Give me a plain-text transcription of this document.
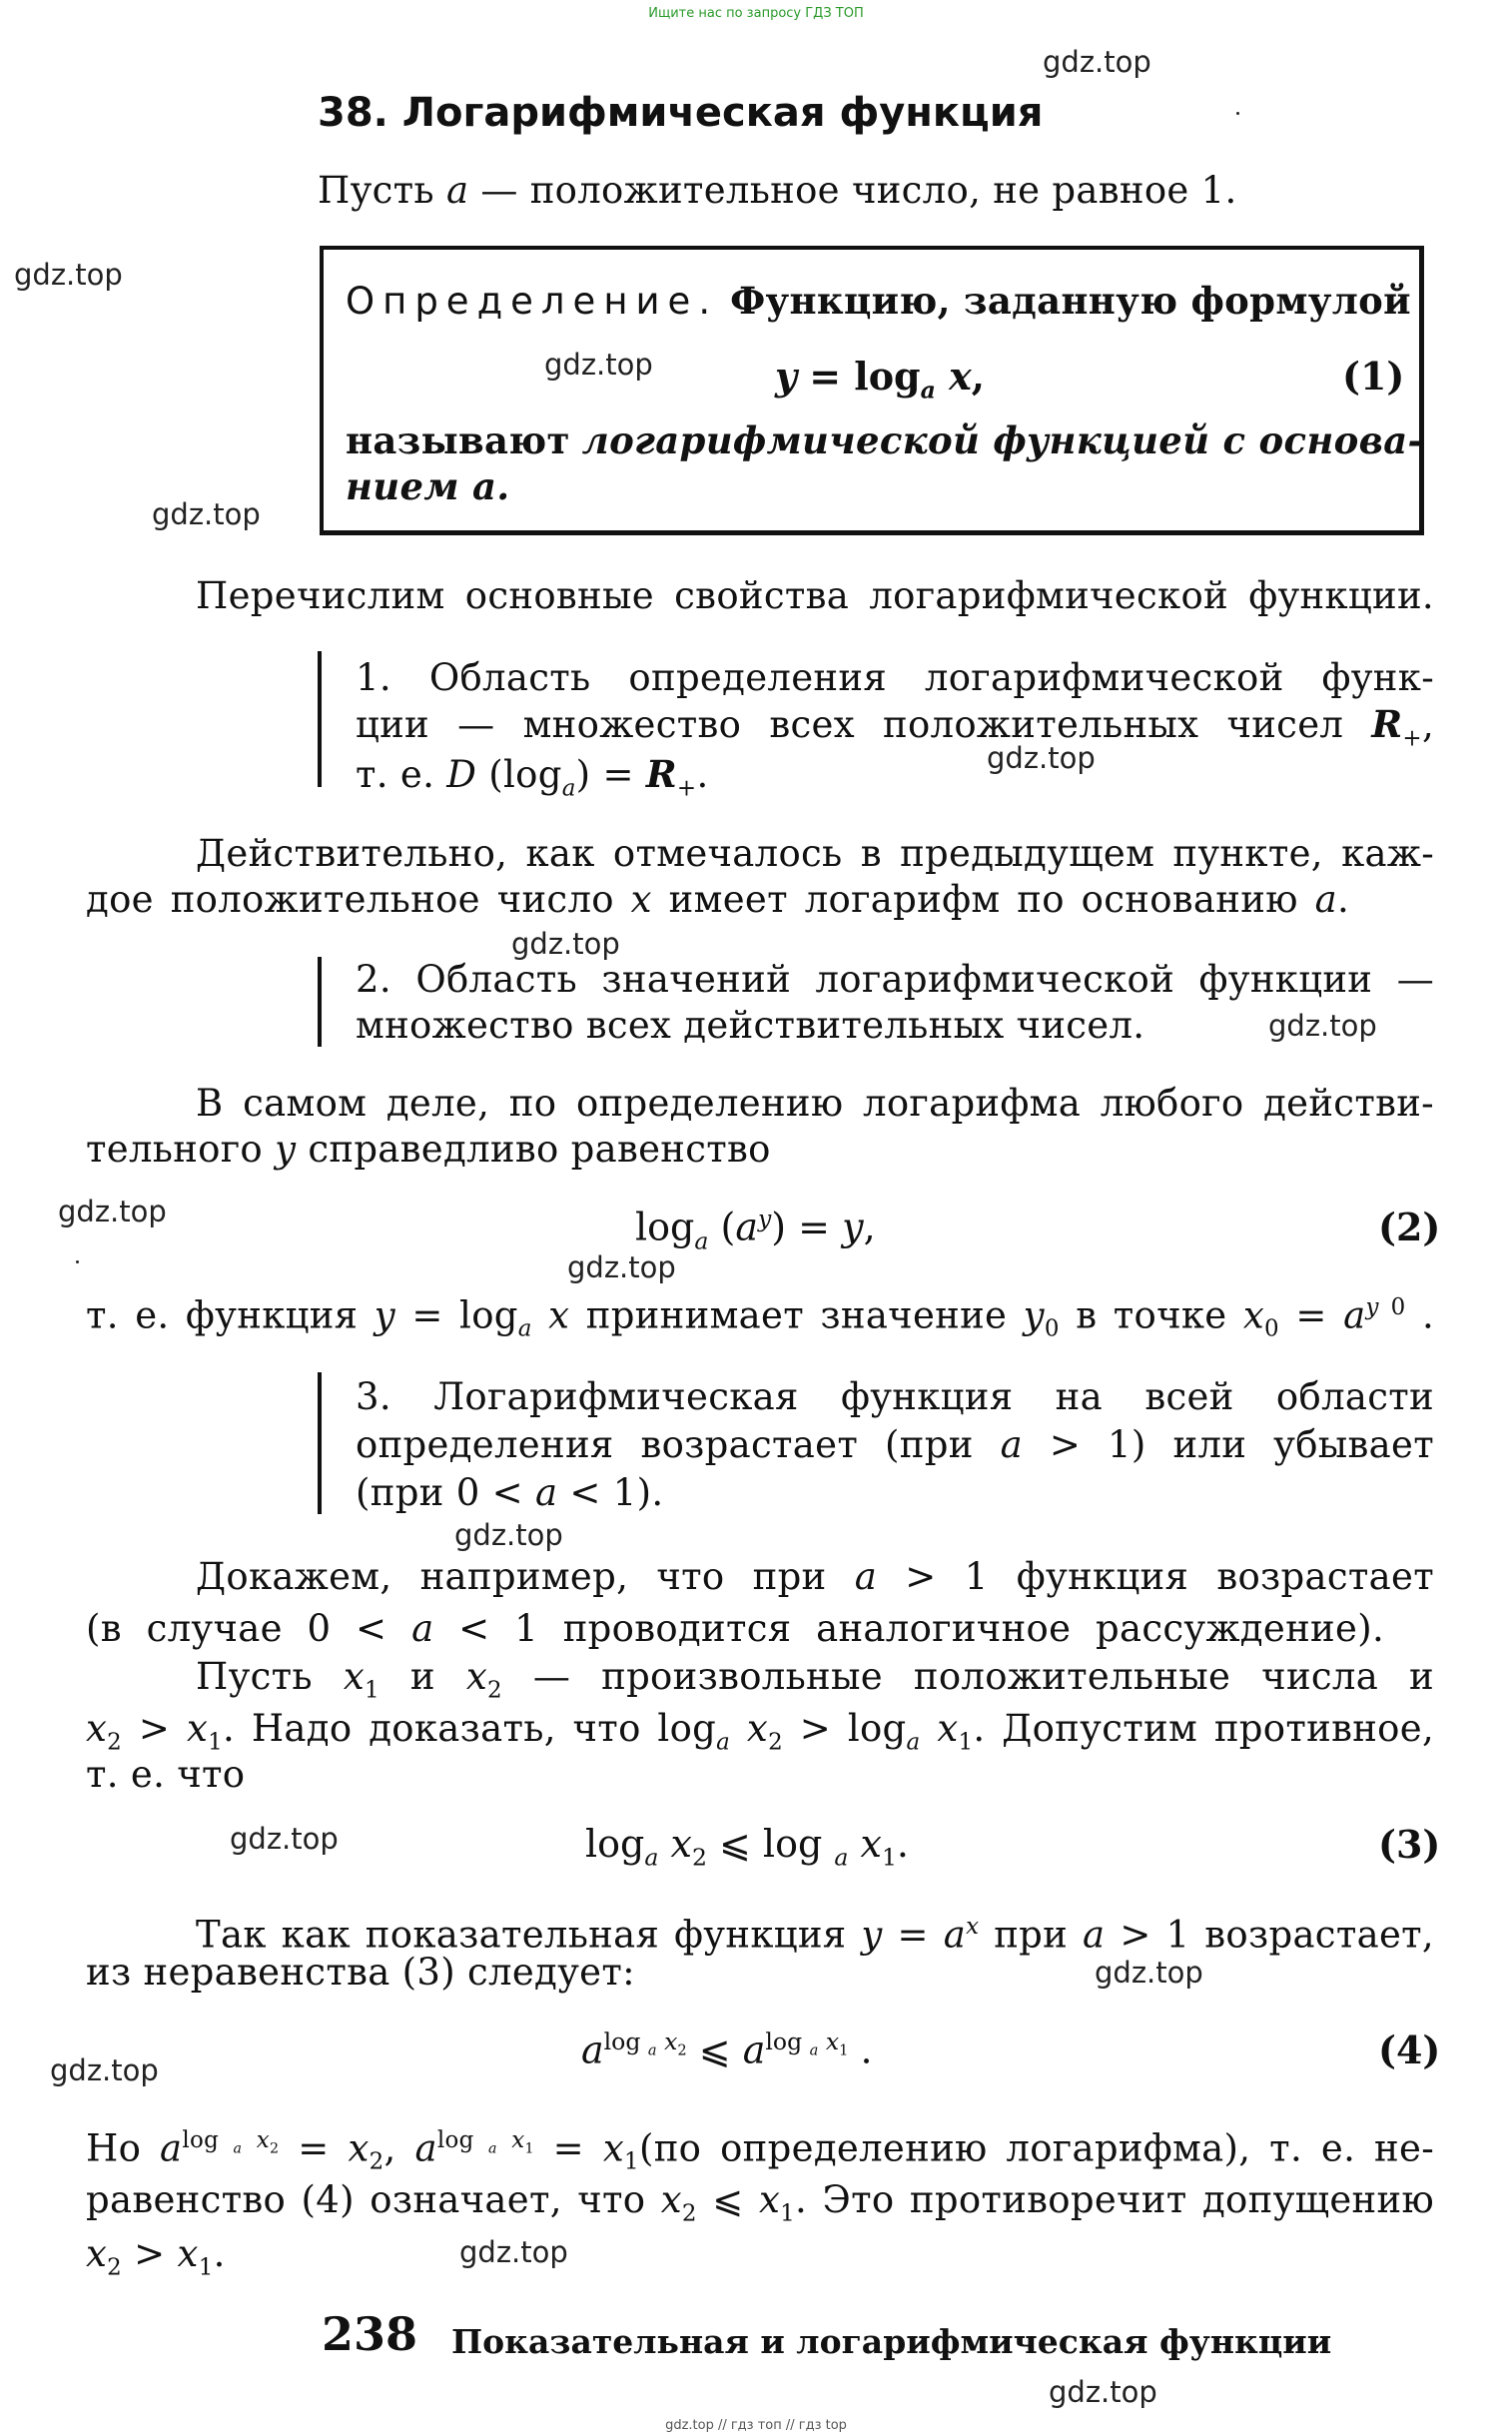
Ищите нас по запросу ГДЗ ТОП
gdz.top
gdz.top
gdz.top
gdz.top
gdz.top
gdz.top
gdz.top
gdz.top
gdz.top
gdz.top
gdz.top
gdz.top
gdz.top
gdz.top
gdz.top
38. Логарифмическая функция
Пусть a — положительное число, не равное 1.
Определение. Функцию, заданную формулой
$y = \log_a x$,	(1)
называют логарифмической функцией с основа-
нием a.
Перечислим основные свойства логарифмической функции.
1. Область определения логарифмической функ-
ции — множество всех положительных чисел $R_+$,
т. е. D $(\log_a) = R_+$.
Действительно, как отмечалось в предыдущем пункте, каж-
дое положительное число x имеет логарифм по основанию a.
2. Область значений логарифмической функции —
множество всех действительных чисел.
В самом деле, по определению логарифма любого действи-
тельного y справедливо равенство
$\log_a (a^y) = y$,	(2)
т. е. функция $y = \log_a x$ принимает значение $y_0$ в точке $x_0 = a^{y 0}$ .
3. Логарифмическая функция на всей области
определения возрастает (при a > 1) или убывает
(при 0 < a < 1).
Докажем, например, что при a > 1 функция возрастает
(в случае 0 < a < 1 проводится аналогичное рассуждение).
Пусть $x_1$ и $x_2$ — произвольные положительные числа и
$x_2 > x_1$. Надо доказать, что $\log_a x_2 > \log_a x_1$. Допустим противное,
т. е. что
$\log_a x_2$ ⩽ log $_a$ $x_1$.	(3)
Так как показательная функция $y = a^x$ при a > 1 возрастает,
из неравенства (3) следует:
$a^{log _a x_2}$ ⩽ $a^{log _a x_1}$ .	(4)
Но $a^{log _a x_2} = x_2$, $a^{log _a x_1} = x_1(по$ определению логарифма), т. е. не-
равенство (4) означает, что $x_2$ ⩽ $x_1$. Это противоречит допущению
$x_2 > x_1$.
238 Показательная и логарифмическая функции
gdz.top // гдз топ // гдз top
